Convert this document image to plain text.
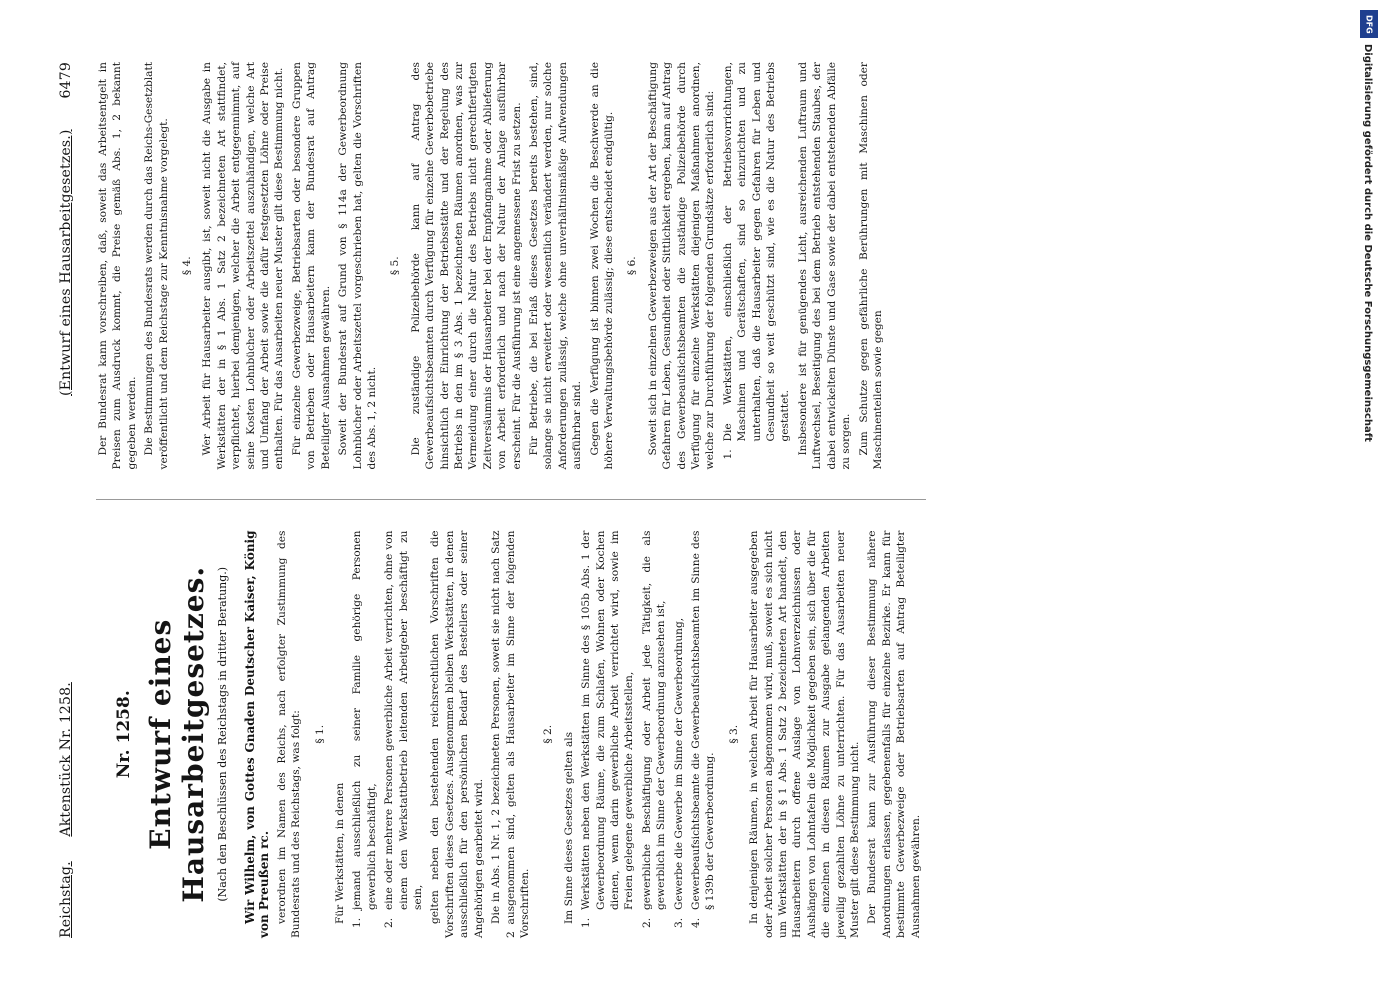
Reichstag. Aktenstück Nr. 1258.
(Entwurf eines Hausarbeitgesetzes.)
6479
Nr. 1258. Entwurf eines Hausarbeitgesetzes. (Nach den Beschlüssen des Reichstags in dritter Beratung.) Wir Wilhelm, von Gottes Gnaden Deutscher Kaiser, König von Preußen rc. verordnen im Namen des Reichs, nach erfolgter Zustimmung des Bundesrats und des Reichstags, was folgt: § 1.

Für Werkstätten, in denen 1.
jemand ausschließlich zu seiner Familie gehörige Personen gewerblich beschäftigt,
2.
eine oder mehrere Personen gewerbliche Arbeit verrichten, ohne von einem den Werkstattbetrieb leitenden Arbeitgeber beschäftigt zu sein, gelten neben den bestehenden reichsrechtlichen Vorschriften die Vorschriften dieses Gesetzes. Ausgenommen bleiben Werkstätten, in denen ausschließlich für den persönlichen Bedarf des Bestellers oder seiner Angehörigen gearbeitet wird. Die in Abs. 1 Nr. 1, 2 bezeichneten Personen, soweit sie nicht nach Satz 2 ausgenommen sind, gelten als Hausarbeiter im Sinne der folgenden Vorschriften.

§ 2. Im Sinne dieses Gesetzes gelten als 1.
Werkstätten neben den Werkstätten im Sinne des § 105b Abs. 1 der Gewerbeordnung Räume, die zum Schlafen, Wohnen oder Kochen dienen, wenn darin gewerbliche Arbeit verrichtet wird, sowie im Freien gelegene gewerbliche Arbeitsstellen,
2.
gewerbliche Beschäftigung oder Arbeit jede Tätigkeit, die als gewerblich im Sinne der Gewerbeordnung anzusehen ist,
3.
Gewerbe die Gewerbe im Sinne der Gewerbeordnung,
4.
Gewerbeaufsichtsbeamte die Gewerbeaufsichtsbeamten im Sinne des § 139b der Gewerbeordnung.
§ 3. In denjenigen Räumen, in welchen Arbeit für Hausarbeiter ausgegeben oder Arbeit solcher Personen abgenommen wird, muß, soweit es sich nicht um Werkstätten der in § 1 Abs. 1 Satz 2 bezeichneten Art handelt, den Hausarbeitern durch offene Auslage von Lohnverzeichnissen oder Aushängen von Lohntafeln die Möglichkeit gegeben sein, sich über die für die einzelnen in diesen Räumen zur Ausgabe gelangenden Arbeiten jeweilig gezahlten Löhne zu unterrichten. Für das Ausarbeiten neuer Muster gilt diese Bestimmung nicht. Der Bundesrat kann zur Ausführung dieser Bestimmung nähere Anordnungen erlassen, gegebenenfalls für einzelne Bezirke. Er kann für bestimmte Gewerbezweige oder Betriebsarten auf Antrag Beteiligter Ausnahmen gewähren.

Der Bundesrat kann vorschreiben, daß, soweit das Arbeitsentgelt in Preisen zum Ausdruck kommt, die Preise gemäß Abs. 1, 2 bekannt gegeben werden. Die Bestimmungen des Bundesrats werden durch das Reichs-Gesetzblatt veröffentlicht und dem Reichstage zur Kenntnisnahme vorgelegt. § 4. Wer Arbeit für Hausarbeiter ausgibt, ist, soweit nicht die Ausgabe in Werkstätten der in § 1 Abs. 1 Satz 2 bezeichneten Art stattfindet, verpflichtet, hierbei demjenigen, welcher die Arbeit entgegennimmt, auf seine Kosten Lohnbücher oder Arbeitszettel auszuhändigen, welche Art und Umfang der Arbeit sowie die dafür festgesetzten Löhne oder Preise enthalten. Für das Ausarbeiten neuer Muster gilt diese Bestimmung nicht. Für einzelne Gewerbezweige, Betriebsarten oder besondere Gruppen von Betrieben oder Hausarbeitern kann der Bundesrat auf Antrag Beteiligter Ausnahmen gewähren. Soweit der Bundesrat auf Grund von § 114a der Gewerbeordnung Lohnbücher oder Arbeitszettel vorgeschrieben hat, gelten die Vorschriften des Abs. 1, 2 nicht.

§ 5. Die zuständige Polizeibehörde kann auf Antrag des Gewerbeaufsichtsbeamten durch Verfügung für einzelne Gewerbebetriebe hinsichtlich der Einrichtung der Betriebsstätte und der Regelung des Betriebs in den im § 3 Abs. 1 bezeichneten Räumen anordnen, was zur Vermeidung einer durch die Natur des Betriebs nicht gerechtfertigten Zeitversäumnis der Hausarbeiter bei der Empfangnahme oder Ablieferung von Arbeit erforderlich und nach der Natur der Anlage ausführbar erscheint. Für die Ausführung ist eine angemessene Frist zu setzen. Für Betriebe, die bei Erlaß dieses Gesetzes bereits bestehen, sind, solange sie nicht erweitert oder wesentlich verändert werden, nur solche Anforderungen zulässig, welche ohne unverhältnismäßige Aufwendungen ausführbar sind. Gegen die Verfügung ist binnen zwei Wochen die Beschwerde an die höhere Verwaltungsbehörde zulässig; diese entscheidet endgültig. § 6. Soweit sich in einzelnen Gewerbezweigen aus der Art der Beschäftigung Gefahren für Leben, Gesundheit oder Sittlichkeit ergeben, kann auf Antrag des Gewerbeaufsichtsbeamten die zuständige Polizeibehörde durch Verfügung für einzelne Werkstätten diejenigen Maßnahmen anordnen, welche zur Durchführung der folgenden Grundsätze erforderlich sind: 1.
Die Werkstätten, einschließlich der Betriebsvorrichtungen, Maschinen und Gerätschaften, sind so einzurichten und zu unterhalten, daß die Hausarbeiter gegen Gefahren für Leben und Gesundheit so weit geschützt sind, wie es die Natur des Betriebs gestattet. Insbesondere ist für genügendes Licht, ausreichenden Luftraum und Luftwechsel, Beseitigung des bei dem Betrieb entstehenden Staubes, der dabei entwickelten Dünste und Gase sowie der dabei entstehenden Abfälle zu sorgen. Zum Schutze gegen gefährliche Berührungen mit Maschinen oder Maschinenteilen sowie gegen

DFG
Digitalisierung gefördert durch die Deutsche Forschungsgemeinschaft
